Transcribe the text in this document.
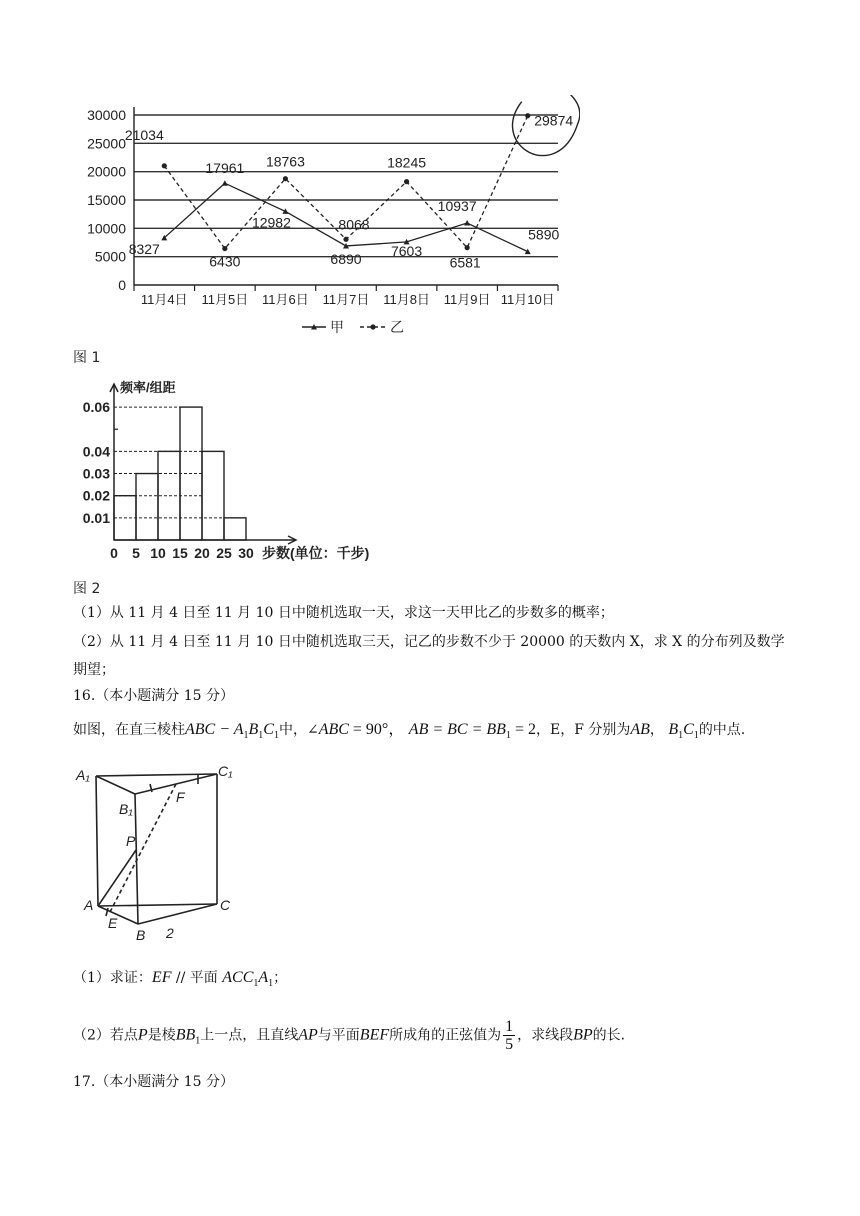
30000
25000
20000
15000
10000
5000
0
11月4日 11月5日 11月6日 11月7日 11月8日 11月9日 11月10日
8327
17961
12982
6890
7603
10937
5890
21034
6430
18763
8068
18245
6581
29874
甲	乙
图 1
频率/组距
0.06
0.04
0.03
0.02
0.01
0 5 10 15 20 25 30 步数(单位：千步)
图 2
（1）从 11 月 4 日至 11 月 10 日中随机选取一天，求这一天甲比乙的步数多的概率；
（2）从 11 月 4 日至 11 月 10 日中随机选取三天，记乙的步数不少于 20000 的天数内 X，求 X 的分布列及数学
期望；
16.（本小题满分 15 分）
如图，在直三棱柱ABC − $A_1B_1C_1$中，∠ABC = 90°， AB = BC = $BB_1 = 2$，E，F 分别为AB， $B_1C_1$的中点.
A₁	C₁
B₁
F
P
A	C
E
B 2
（1）求证：EF // 平面 $ACC_1A_1$；
（2）若点P是棱$BB_1$上一点，且直线AP与平面BEF所成角的正弦值为 $\frac{1}{5}$ ，求线段BP的长.
17.（本小题满分 15 分）
